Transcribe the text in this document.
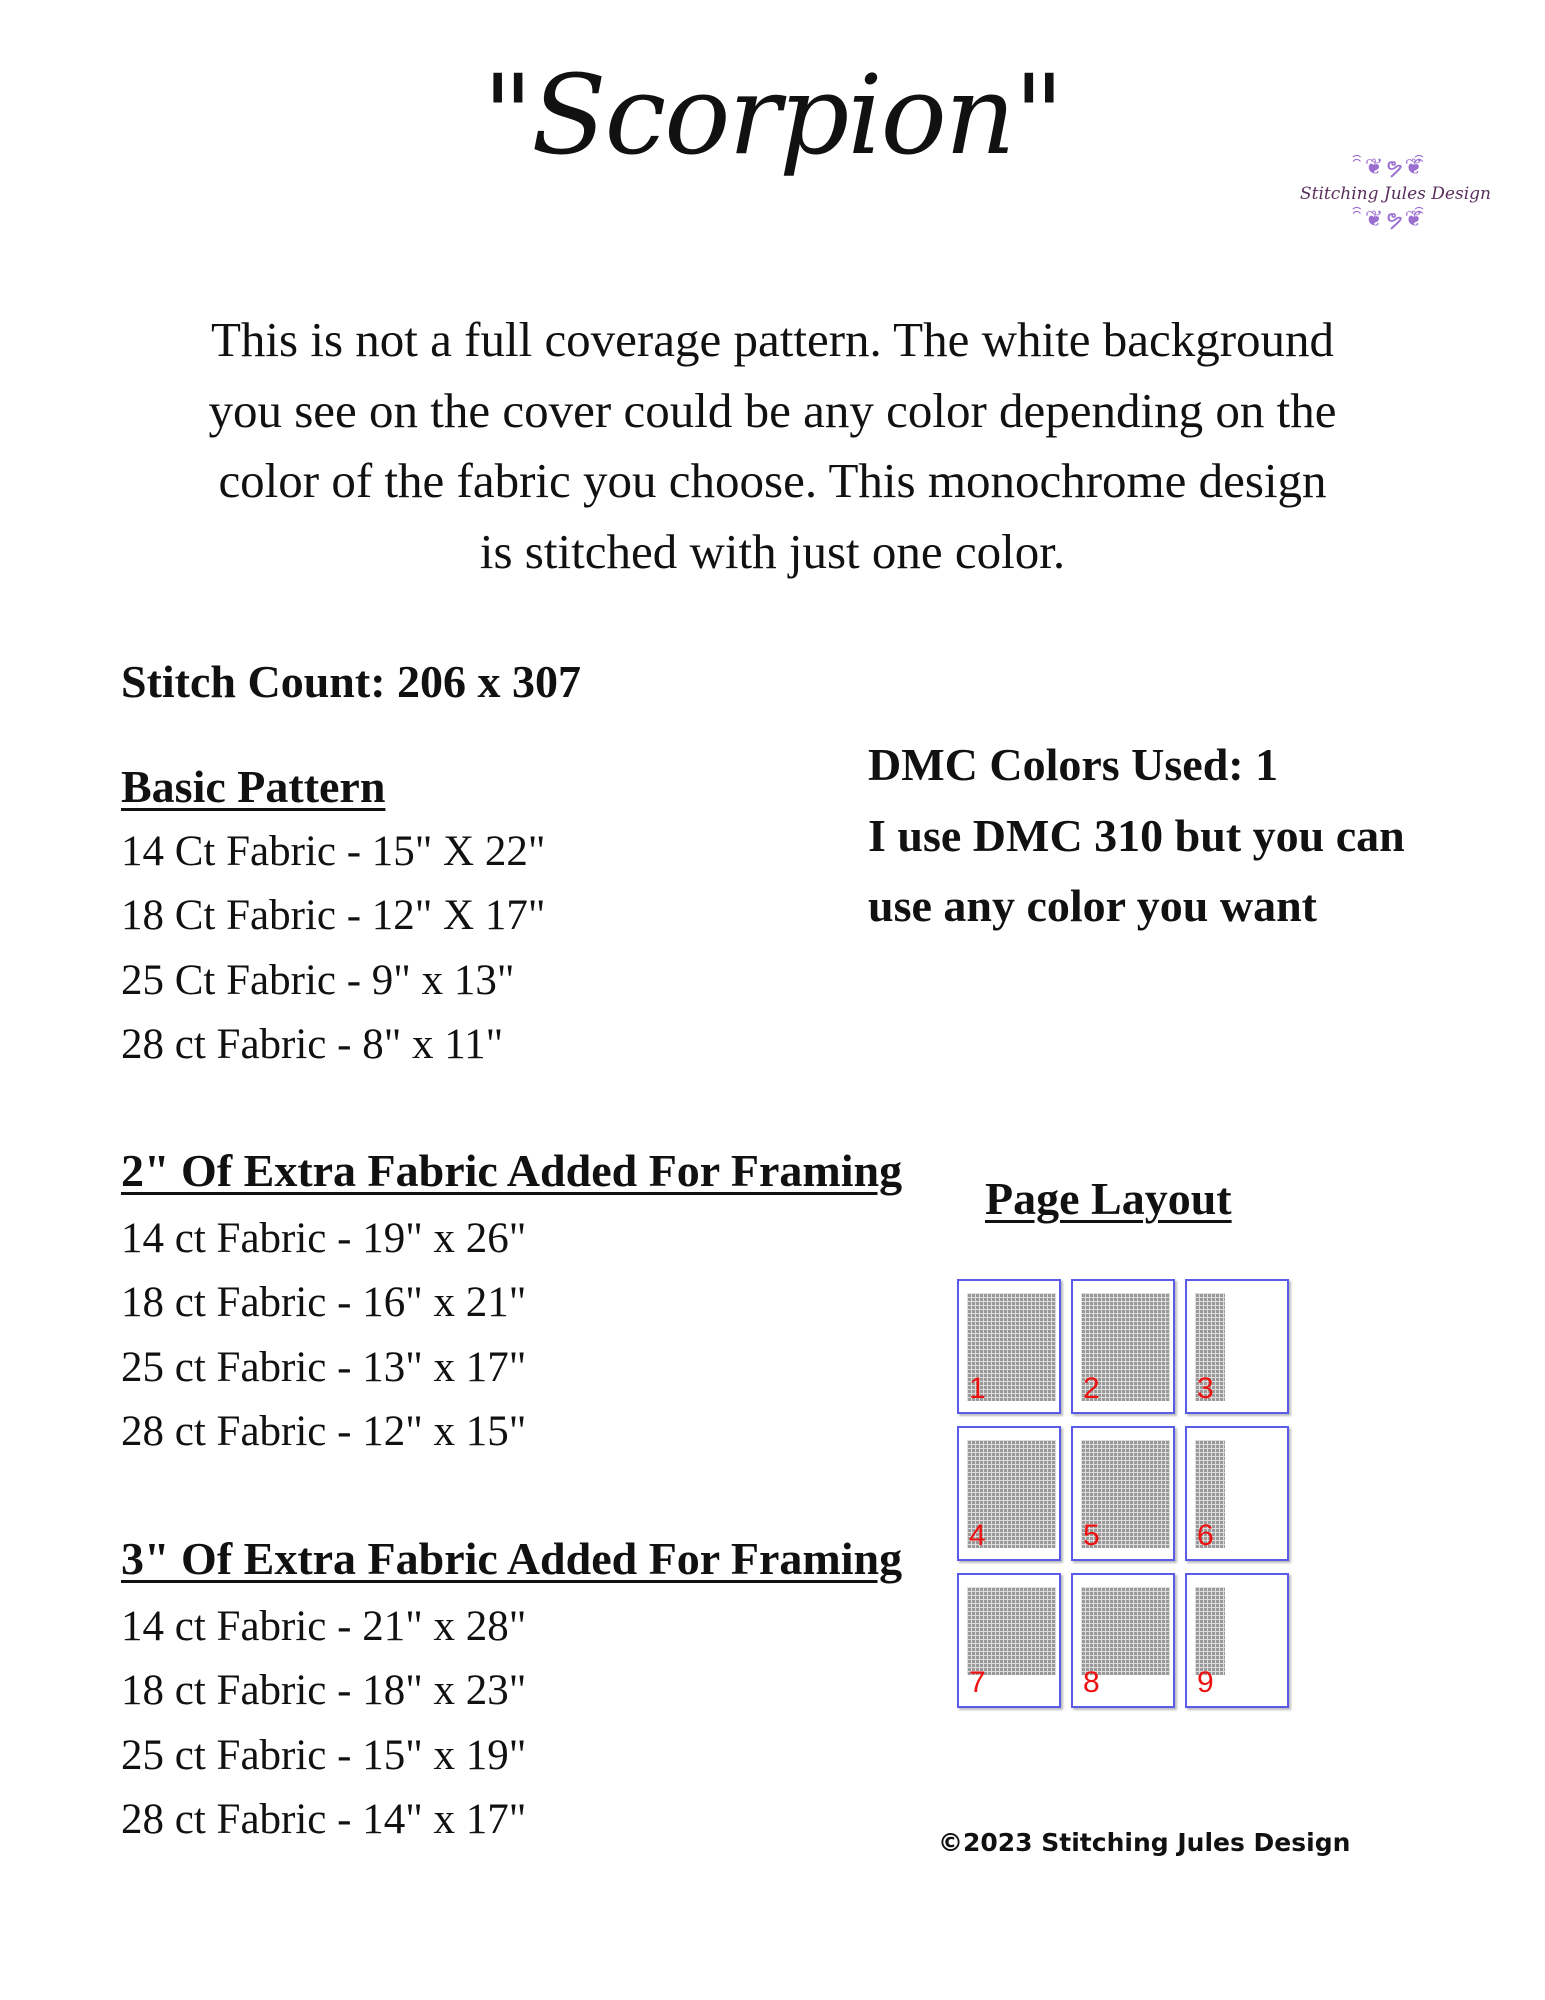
"Scorpion"	ꩰ❦ຯ❦ꩰ
Stitching Jules Design
ꩰ❦ຯ❦ꩰ
This is not a full coverage pattern. The white background
you see on the cover could be any color depending on the
color of the fabric you choose. This monochrome design
is stitched with just one color.
Stitch Count: 206 x 307
Basic Pattern
14 Ct Fabric - 15" X 22"
18 Ct Fabric - 12" X 17"
25 Ct Fabric - 9" x 13"
28 ct Fabric - 8" x 11"
2" Of Extra Fabric Added For Framing
14 ct Fabric - 19" x 26"
18 ct Fabric - 16" x 21"
25 ct Fabric - 13" x 17"
28 ct Fabric - 12" x 15"
3" Of Extra Fabric Added For Framing
14 ct Fabric - 21" x 28"
18 ct Fabric - 18" x 23"
25 ct Fabric - 15" x 19"
28 ct Fabric - 14" x 17"
DMC Colors Used: 1
I use DMC 310 but you can
use any color you want
Page Layout
1	2	3
4	5	6
7	8	9
©2023 Stitching Jules Design
